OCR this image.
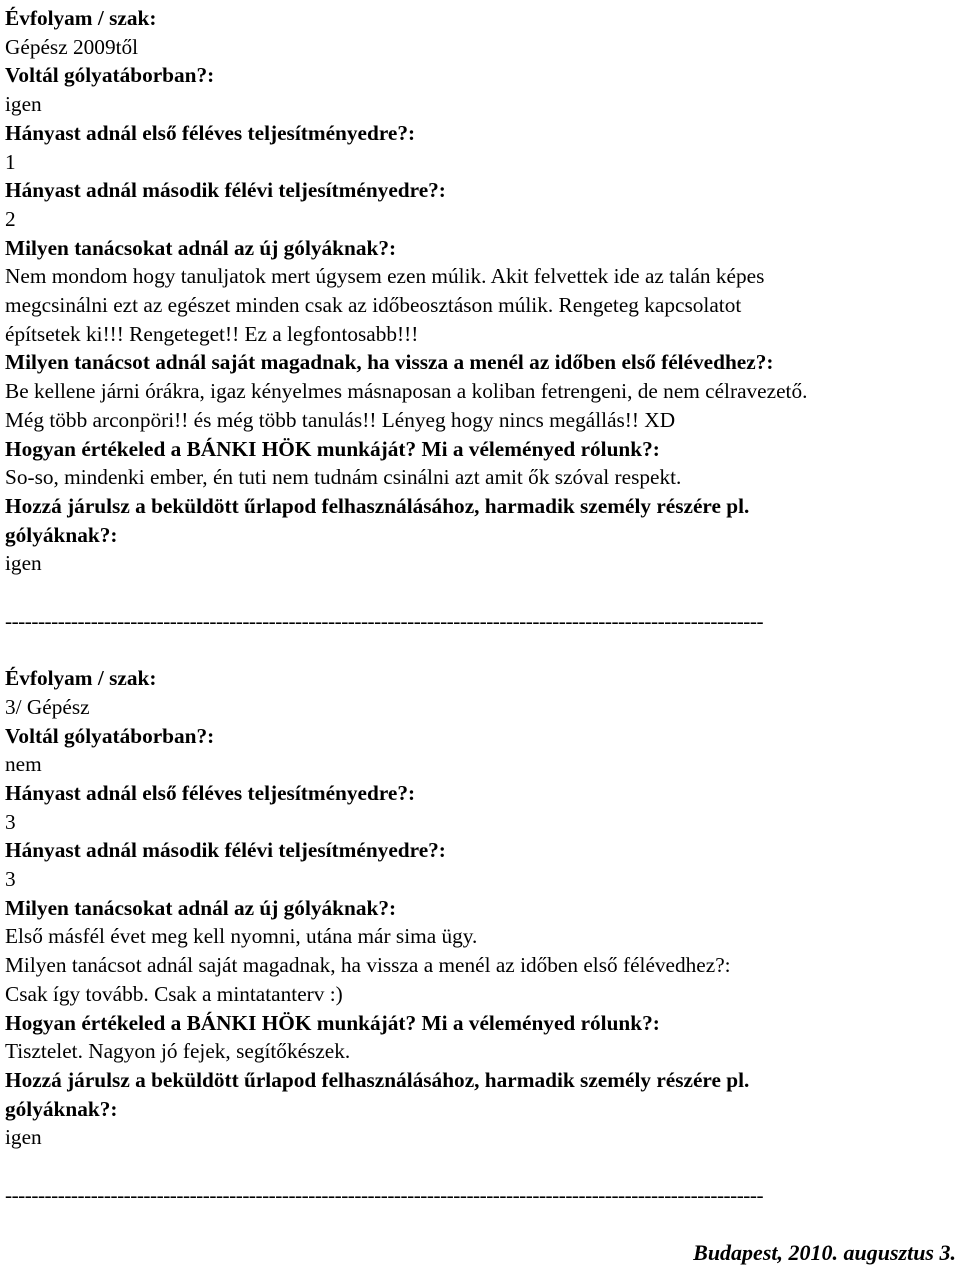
Évfolyam / szak:

Gépész 2009től

Voltál gólyatáborban?:

igen

Hányast adnál első féléves teljesítményedre?:

1

Hányast adnál második félévi teljesítményedre?:

2

Milyen tanácsokat adnál az új gólyáknak?:

Nem mondom hogy tanuljatok mert úgysem ezen múlik. Akit felvettek ide az talán képes

megcsinálni ezt az egészet minden csak az időbeosztáson múlik. Rengeteg kapcsolatot

építsetek ki!!! Rengeteget!! Ez a legfontosabb!!!

Milyen tanácsot adnál saját magadnak, ha vissza a menél az időben első félévedhez?:

Be kellene járni órákra, igaz kényelmes másnaposan a koliban fetrengeni, de nem célravezető.

Még több arconpöri!! és még több tanulás!! Lényeg hogy nincs megállás!! XD

Hogyan értékeled a BÁNKI HÖK munkáját? Mi a véleményed rólunk?:

So-so, mindenki ember, én tuti nem tudnám csinálni azt amit ők szóval respekt.

Hozzá járulsz a beküldött űrlapod felhasználásához, harmadik személy részére pl.

gólyáknak?:

igen

-------------------------------------------------------------------------------------------------------------------

Évfolyam / szak:

3/ Gépész

Voltál gólyatáborban?:

nem

Hányast adnál első féléves teljesítményedre?:

3

Hányast adnál második félévi teljesítményedre?:

3

Milyen tanácsokat adnál az új gólyáknak?:

Első másfél évet meg kell nyomni, utána már sima ügy.

Milyen tanácsot adnál saját magadnak, ha vissza a menél az időben első félévedhez?:

Csak így tovább. Csak a mintatanterv :)

Hogyan értékeled a BÁNKI HÖK munkáját? Mi a véleményed rólunk?:

Tisztelet. Nagyon jó fejek, segítőkészek.

Hozzá járulsz a beküldött űrlapod felhasználásához, harmadik személy részére pl.

gólyáknak?:

igen

-------------------------------------------------------------------------------------------------------------------
Budapest, 2010. augusztus 3.
